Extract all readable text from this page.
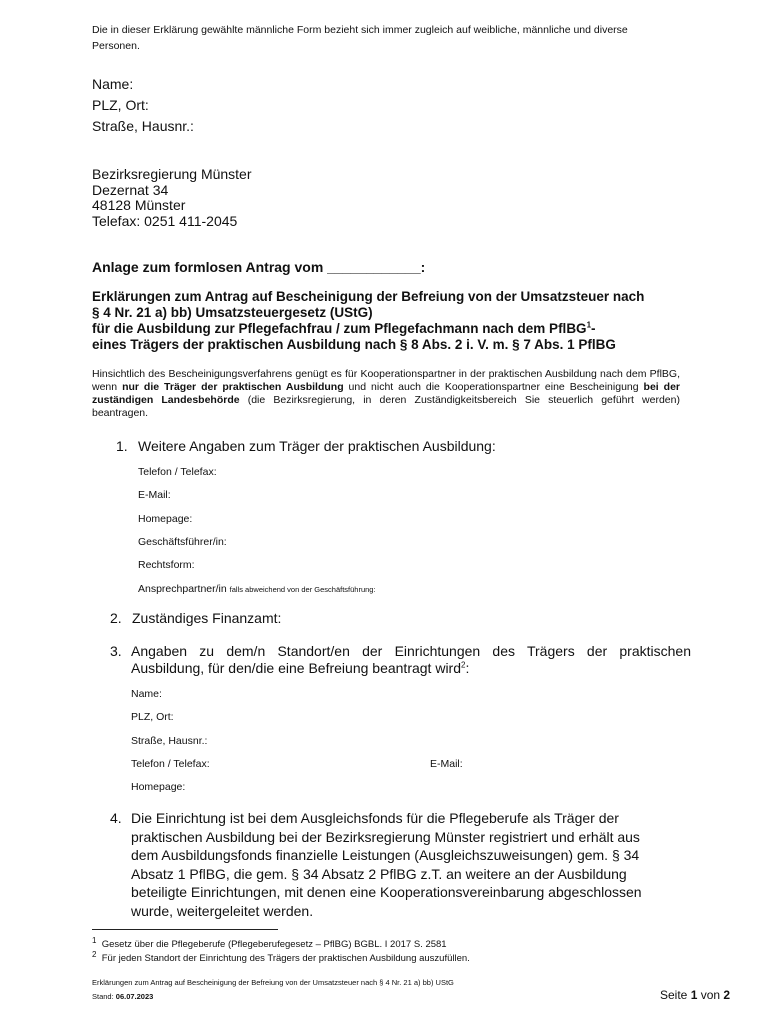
Die in dieser Erklärung gewählte männliche Form bezieht sich immer zugleich auf weibliche, männliche und diverse Personen.
Name:
PLZ, Ort:
Straße, Hausnr.:
Bezirksregierung Münster
Dezernat 34
48128 Münster
Telefax: 0251 411-2045
Anlage zum formlosen Antrag vom ____________:
Erklärungen zum Antrag auf Bescheinigung der Befreiung von der Umsatzsteuer nach
§ 4 Nr. 21 a) bb) Umsatzsteuergesetz (UStG)
für die Ausbildung zur Pflegefachfrau / zum Pflegefachmann nach dem PflBG$^1$-
eines Trägers der praktischen Ausbildung nach § 8 Abs. 2 i. V. m. § 7 Abs. 1 PflBG
Hinsichtlich des Bescheinigungsverfahrens genügt es für Kooperationspartner in der praktischen Ausbildung nach dem PflBG, wenn nur die Träger der praktischen Ausbildung und nicht auch die Kooperationspartner eine Bescheinigung bei der zuständigen Landesbehörde (die Bezirksregierung, in deren Zuständigkeitsbereich Sie steuerlich geführt werden) beantragen.
1. Weitere Angaben zum Träger der praktischen Ausbildung:
Telefon / Telefax:
E-Mail:
Homepage:
Geschäftsführer/in:
Rechtsform:
Ansprechpartner/in falls abweichend von der Geschäftsführung:
2. Zuständiges Finanzamt:
3. Angaben zu dem/n Standort/en der Einrichtungen des Trägers der praktischen
Ausbildung, für den/die eine Befreiung beantragt wird$^2$:
Name:
PLZ, Ort:
Straße, Hausnr.:
Telefon / Telefax:	E-Mail:
Homepage:
4. Die Einrichtung ist bei dem Ausgleichsfonds für die Pflegeberufe als Träger der
praktischen Ausbildung bei der Bezirksregierung Münster registriert und erhält aus
dem Ausbildungsfonds finanzielle Leistungen (Ausgleichszuweisungen) gem. § 34
Absatz 1 PflBG, die gem. § 34 Absatz 2 PflBG z.T. an weitere an der Ausbildung
beteiligte Einrichtungen, mit denen eine Kooperationsvereinbarung abgeschlossen
wurde, weitergeleitet werden.
$^1$ Gesetz über die Pflegeberufe (Pflegeberufegesetz – PflBG) BGBL. I 2017 S. 2581
$^2$ Für jeden Standort der Einrichtung des Trägers der praktischen Ausbildung auszufüllen.
Erklärungen zum Antrag auf Bescheinigung der Befreiung von der Umsatzsteuer nach § 4 Nr. 21 a) bb) UStG
Stand: 06.07.2023	Seite 1 von 2
